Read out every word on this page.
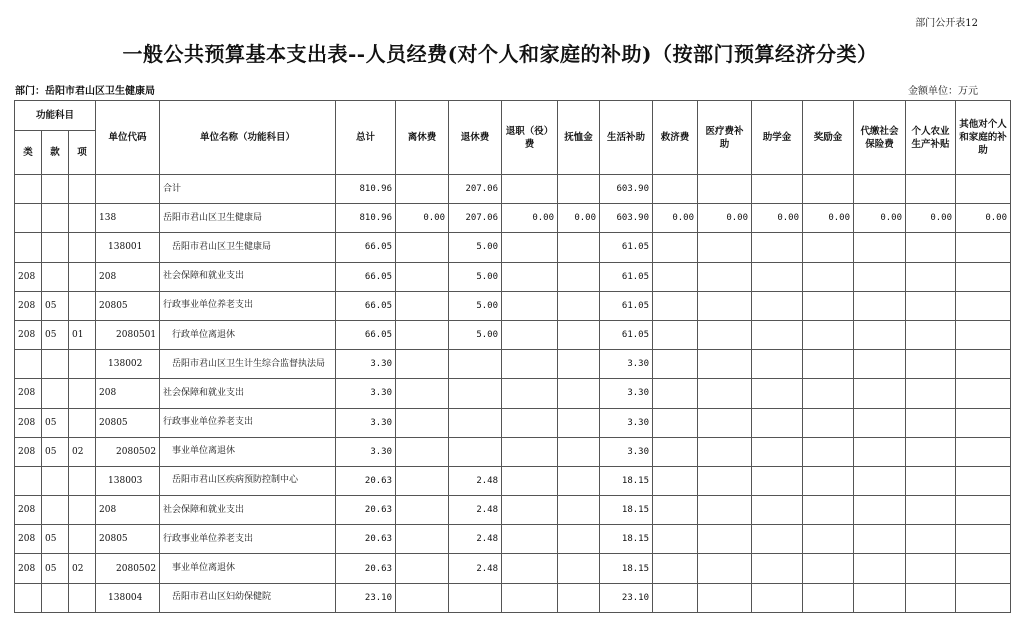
部门公开表12
一般公共预算基本支出表--人员经费(对个人和家庭的补助)（按部门预算经济分类）
部门：岳阳市君山区卫生健康局	金额单位：万元
功能科目			单位代码	单位名称（功能科目）	总计	离休费	退休费	退职（役）费	抚恤金	生活补助	救济费	医疗费补助	助学金	奖励金	代缴社会保险费	个人农业生产补贴	其他对个人和家庭的补助
类	款	项															
				合计	810.96		207.06			603.90							
			138	岳阳市君山区卫生健康局	810.96	0.00	207.06	0.00	0.00	603.90	0.00	0.00	0.00	0.00	0.00	0.00	0.00
			138001	岳阳市君山区卫生健康局	66.05		5.00			61.05							
208			208	社会保障和就业支出	66.05		5.00			61.05							
208	05		20805	行政事业单位养老支出	66.05		5.00			61.05							
208	05	01	2080501	行政单位离退休	66.05		5.00			61.05							
			138002	岳阳市君山区卫生计生综合监督执法局	3.30					3.30							
208			208	社会保障和就业支出	3.30					3.30							
208	05		20805	行政事业单位养老支出	3.30					3.30							
208	05	02	2080502	事业单位离退休	3.30					3.30							
			138003	岳阳市君山区疾病预防控制中心	20.63		2.48			18.15							
208			208	社会保障和就业支出	20.63		2.48			18.15							
208	05		20805	行政事业单位养老支出	20.63		2.48			18.15							
208	05	02	2080502	事业单位离退休	20.63		2.48			18.15							
			138004	岳阳市君山区妇幼保健院	23.10					23.10							
